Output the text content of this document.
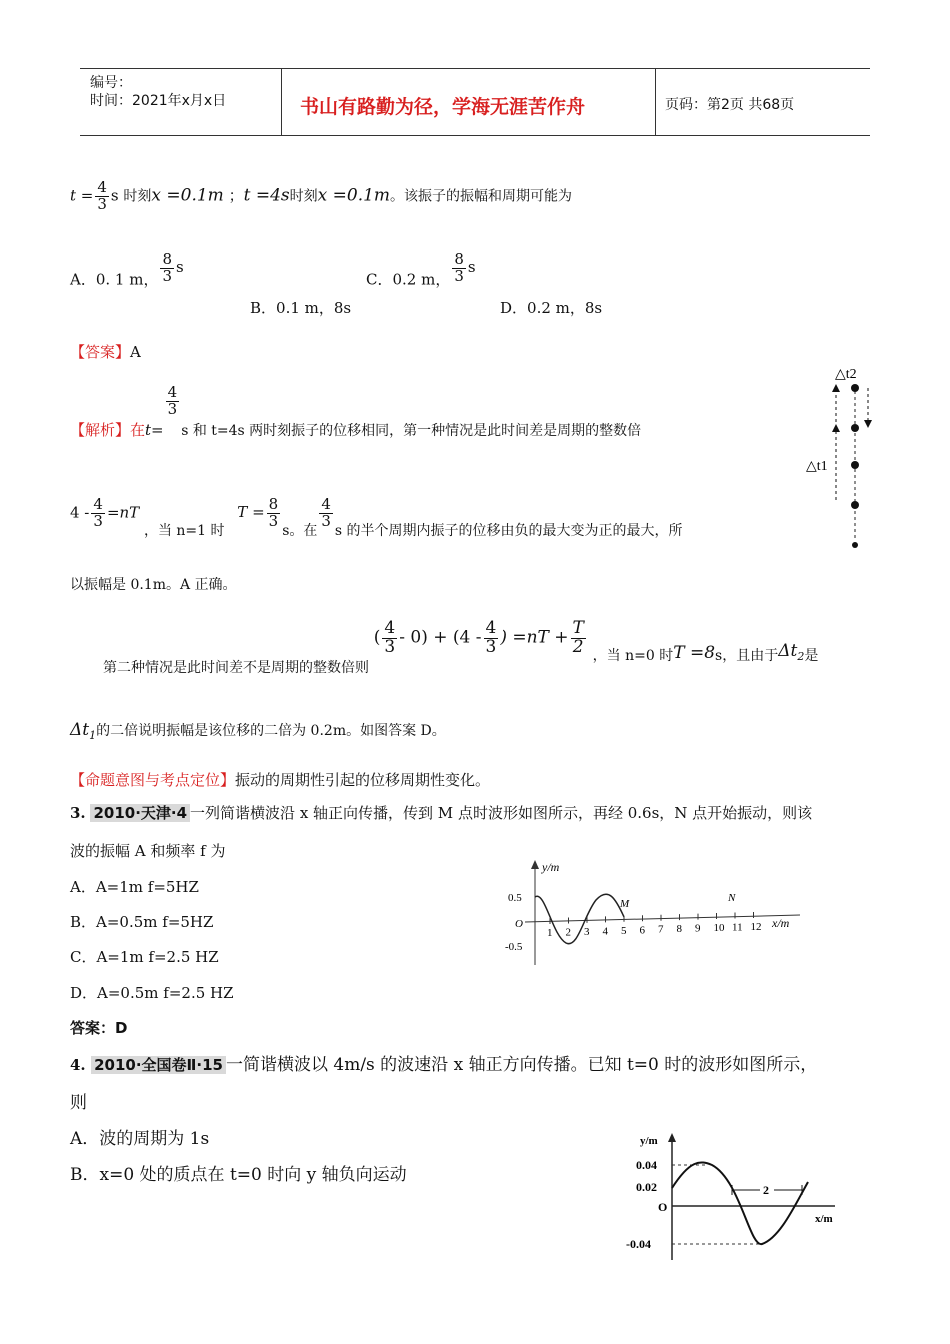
编号：
时间：2021年x月x日	书山有路勤为径，学海无涯苦作舟	页码：第2页 共68页
$t = \frac{4}{3}$ s 时刻x =0.1m ；t =4s时刻x =0.1m。该振子的振幅和周期可能为
A．0. 1 m， $\frac{8}{3}$ s
B．0.1 m，8s
C．0.2 m， $\frac{8}{3}$ s
D．0.2 m，8s
【答案】A
【解析】在t=
$\frac{4}{3}$
s 和 t=4s 两时刻振子的位移相同，第一种情况是此时间差是周期的整数倍
$4 - \frac{4}{3} =nT$ ，当 n=1 时 $T = \frac{8}{3}$
s。在
$\frac{4}{3}$
s 的半个周期内振子的位移由负的最大变为正的最大，所
以振幅是 0.1m。A 正确。
第二种情况是此时间差不是周期的整数倍则 ( $\frac{4}{3} - 0) + (4 - \frac{4}{3}$ ) $=nT + \frac{T}{2}$ ，当 n=0 时T =8s，且由于$\Delta t_2$是
$\Delta t_1$的二倍说明振幅是该位移的二倍为 0.2m。如图答案 D。
【命题意图与考点定位】振动的周期性引起的位移周期性变化。
△t2
△t1
3. 2010·天津·4 一列简谐横波沿 x 轴正向传播，传到 M 点时波形如图所示，再经 0.6s，N 点开始振动，则该
波的振幅 A 和频率 f 为
A．A=1m f=5HZ
B．A=0.5m f=5HZ
C．A=1m f=2.5 HZ
D．A=0.5m f=2.5 HZ
答案：D
y/m
x/m
O
0.5
-0.5
M	N
1 2 3 4 5 6 7 8 9 10 11 12
4. 2010·全国卷Ⅱ·15 一简谐横波以 4m/s 的波速沿 x 轴正方向传播。已知 t=0 时的波形如图所示，
则
A．波的周期为 1s
B．x=0 处的质点在 t=0 时向 y 轴负向运动
y/m
x/m
O
0.04
0.02
-0.04
2
